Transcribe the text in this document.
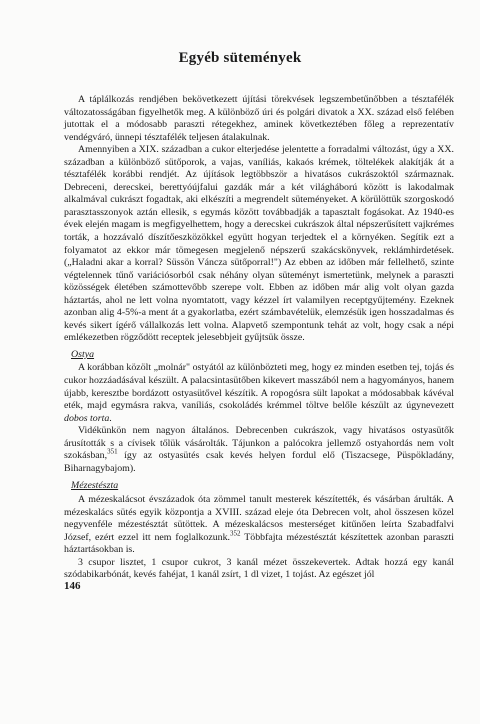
Egyéb sütemények

A táplálkozás rendjében bekövetkezett újítási törekvések legszembetűnőbben a tésztafélék változatosságában figyelhetők meg. A különböző úri és polgári divatok a XX. század első felében jutottak el a módosabb paraszti rétegekhez, aminek következtében főleg a reprezentatív vendégváró, ünnepi tésztafélék teljesen átalakulnak.

Amennyiben a XIX. században a cukor elterjedése jelentette a forradalmi változást, úgy a XX. században a különböző sütőporok, a vajas, vaníliás, kakaós krémek, töltelékek alakítják át a tésztafélék korábbi rendjét. Az újítások legtöbbször a hivatásos cukrászoktól származnak. Debreceni, derecskei, berettyóújfalui gazdák már a két világháború között is lakodalmak alkalmával cukrászt fogadtak, aki elkészíti a megrendelt süteményeket. A körülöttük szorgoskodó parasztasszonyok aztán ellesik, s egymás között továbbadják a tapasztalt fogásokat. Az 1940-es évek elején magam is megfigyelhettem, hogy a derecskei cukrászok által népszerűsített vajkrémes torták, a hozzávaló díszítőeszközökkel együtt hogyan terjedtek el a környéken. Segítik ezt a folyamatot az ekkor már tömegesen megjelenő népszerű szakácskönyvek, reklámhirdetések. („Haladni akar a korral? Süssön Váncza sütőporral!") Az ebben az időben már fellelhető, szinte végtelennek tűnő variációsorból csak néhány olyan süteményt ismertetünk, melynek a paraszti közösségek életében számottevőbb szerepe volt. Ebben az időben már alig volt olyan gazda háztartás, ahol ne lett volna nyomtatott, vagy kézzel írt valamilyen receptgyűjtemény. Ezeknek azonban alig 4-5%-a ment át a gyakorlatba, ezért számbavételük, elemzésük igen hosszadalmas és kevés sikert ígérő vállalkozás lett volna. Alapvető szempontunk tehát az volt, hogy csak a népi emlékezetben rögződött receptek jelesebbjeit gyűjtsük össze.

Ostya

A korábban közölt „molnár" ostyától az különbözteti meg, hogy ez minden esetben tej, tojás és cukor hozzáadásával készült. A palacsintasütőben kikevert masszából nem a hagyományos, hanem újabb, keresztbe bordázott ostyasütővel készítik. A ropogósra sült lapokat a módosabbak kávéval eték, majd egymásra rakva, vaníliás, csokoládés krémmel töltve belőle készült az úgynevezett dobos torta.

Vidékünkön nem nagyon általános. Debrecenben cukrászok, vagy hivatásos ostyasütők árusították s a cívisek tőlük vásárolták. Tájunkon a palócokra jellemző ostyahordás nem volt szokásban,$^{351}$ így az ostyasütés csak kevés helyen fordul elő (Tiszacsege, Püspökladány, Biharnagybajom).

Mézestészta

A mézeskalácsot évszázadok óta zömmel tanult mesterek készítették, és vásárban árulták. A mézeskalács sütés egyik központja a XVIII. század eleje óta Debrecen volt, ahol összesen közel negyvenféle mézestésztát sütöttek. A mézeskalácsos mesterséget kitűnően leírta Szabadfalvi József, ezért ezzel itt nem foglalkozunk.$^{352}$ Többfajta mézestésztát készítettek azonban paraszti háztartásokban is.

3 csupor lisztet, 1 csupor cukrot, 3 kanál mézet összekevertek. Adtak hozzá egy kanál szódabikarbónát, kevés fahéjat, 1 kanál zsírt, 1 dl vizet, 1 tojást. Az egészet jól

146
